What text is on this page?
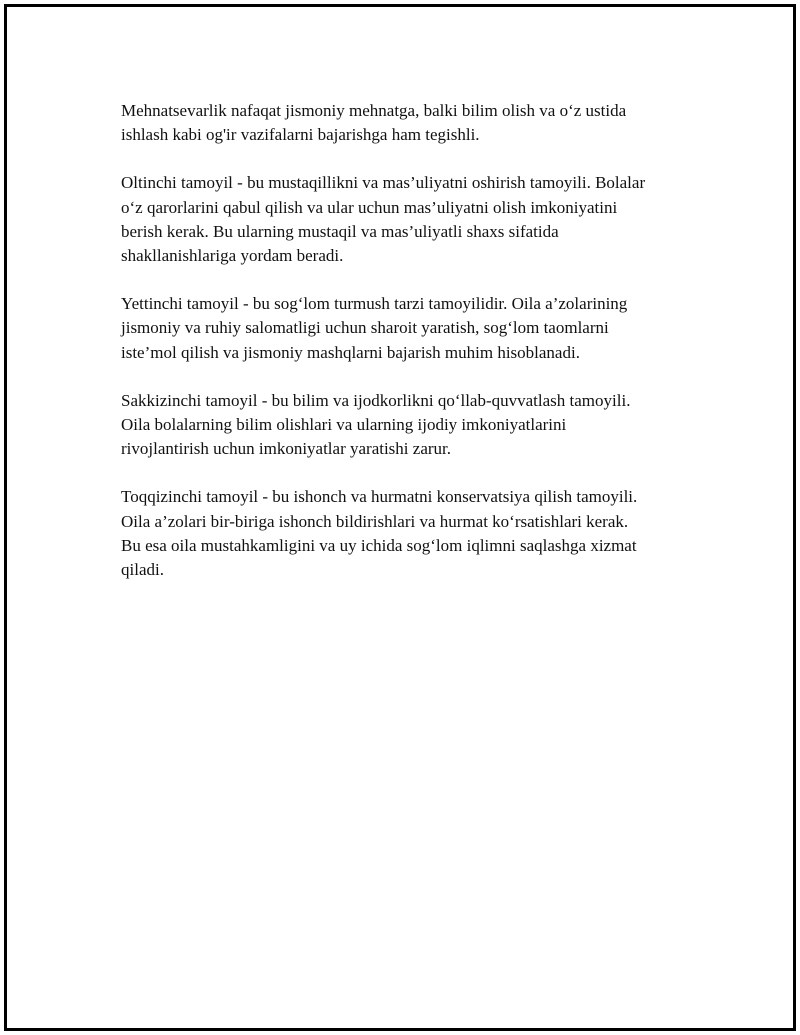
Mehnatsevarlik nafaqat jismoniy mehnatga, balki bilim olish va o‘z ustida
ishlash kabi og'ir vazifalarni bajarishga ham tegishli.

Oltinchi tamoyil - bu mustaqillikni va mas’uliyatni oshirish tamoyili. Bolalar
o‘z qarorlarini qabul qilish va ular uchun mas’uliyatni olish imkoniyatini
berish kerak. Bu ularning mustaqil va mas’uliyatli shaxs sifatida
shakllanishlariga yordam beradi.

Yettinchi tamoyil - bu sog‘lom turmush tarzi tamoyilidir. Oila a’zolarining
jismoniy va ruhiy salomatligi uchun sharoit yaratish, sog‘lom taomlarni
iste’mol qilish va jismoniy mashqlarni bajarish muhim hisoblanadi.

Sakkizinchi tamoyil - bu bilim va ijodkorlikni qo‘llab-quvvatlash tamoyili.
Oila bolalarning bilim olishlari va ularning ijodiy imkoniyatlarini
rivojlantirish uchun imkoniyatlar yaratishi zarur.

Toqqizinchi tamoyil - bu ishonch va hurmatni konservatsiya qilish tamoyili.
Oila a’zolari bir-biriga ishonch bildirishlari va hurmat ko‘rsatishlari kerak.
Bu esa oila mustahkamligini va uy ichida sog‘lom iqlimni saqlashga xizmat
qiladi.
